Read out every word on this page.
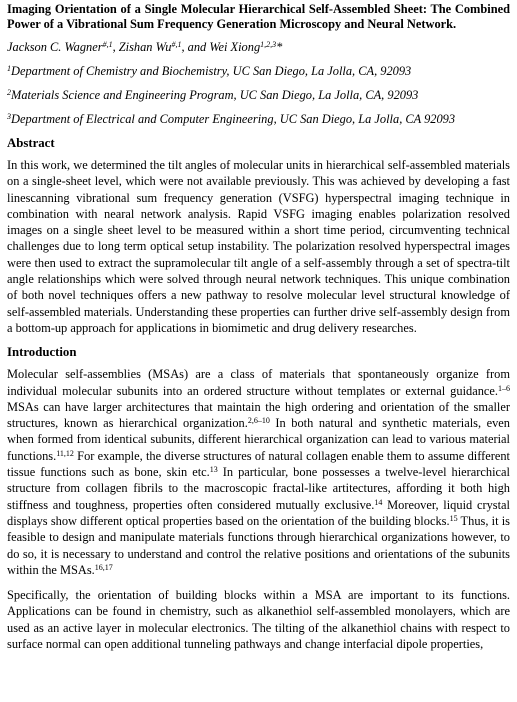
Imaging Orientation of a Single Molecular Hierarchical Self-Assembled Sheet: The Combined Power of a Vibrational Sum Frequency Generation Microscopy and Neural Network.
Jackson C. Wagner$^{\#,1}$, Zishan $Wu^{\#,1}$, and Wei Xiong$^{1,2,3}$*
$^1$Department of Chemistry and Biochemistry, UC San Diego, La Jolla, CA, 92093
$^2$Materials Science and Engineering Program, UC San Diego, La Jolla, CA, 92093
$^3$Department of Electrical and Computer Engineering, UC San Diego, La Jolla, CA 92093
Abstract

In this work, we determined the tilt angles of molecular units in hierarchical self-assembled materials on a single-sheet level, which were not available previously. This was achieved by developing a fast linescanning vibrational sum frequency generation (VSFG) hyperspectral imaging technique in combination with nearal network analysis. Rapid VSFG imaging enables polarization resolved images on a single sheet level to be measured within a short time period, circumventing technical challenges due to long term optical setup instability. The polarization resolved hyperspectral images were then used to extract the supramolecular tilt angle of a self-assembly through a set of spectra-tilt angle relationships which were solved through neural network techniques. This unique combination of both novel techniques offers a new pathway to resolve molecular level structural knowledge of self-assembled materials. Understanding these properties can further drive self-assembly design from a bottom-up approach for applications in biomimetic and drug delivery researches.

Introduction

Molecular self-assemblies (MSAs) are a class of materials that spontaneously organize from individual molecular subunits into an ordered structure without templates or external guidance.$^{1-6}$ MSAs can have larger architectures that maintain the high ordering and orientation of the smaller structures, known as hierarchical organization.$^{2,6-10}$ In both natural and synthetic materials, even when formed from identical subunits, different hierarchical organization can lead to various material functions.$^{11,12}$ For example, the diverse structures of natural collagen enable them to assume different tissue functions such as bone, skin etc.$^{13}$ In particular, bone possesses a twelve-level hierarchical structure from collagen fibrils to the macroscopic fractal-like artitectures, affording it both high stiffness and toughness, properties often considered mutually exclusive.$^{14}$ Moreover, liquid crystal displays show different optical properties based on the orientation of the building blocks.$^{15}$ Thus, it is feasible to design and manipulate materials functions through hierarchical organizations however, to do so, it is necessary to understand and control the relative positions and orientations of the subunits within the MSAs.$^{16,17}$

Specifically, the orientation of building blocks within a MSA are important to its functions. Applications can be found in chemistry, such as alkanethiol self-assembled monolayers, which are used as an active layer in molecular electronics. The tilting of the alkanethiol chains with respect to surface normal can open additional tunneling pathways and change interfacial dipole properties,
